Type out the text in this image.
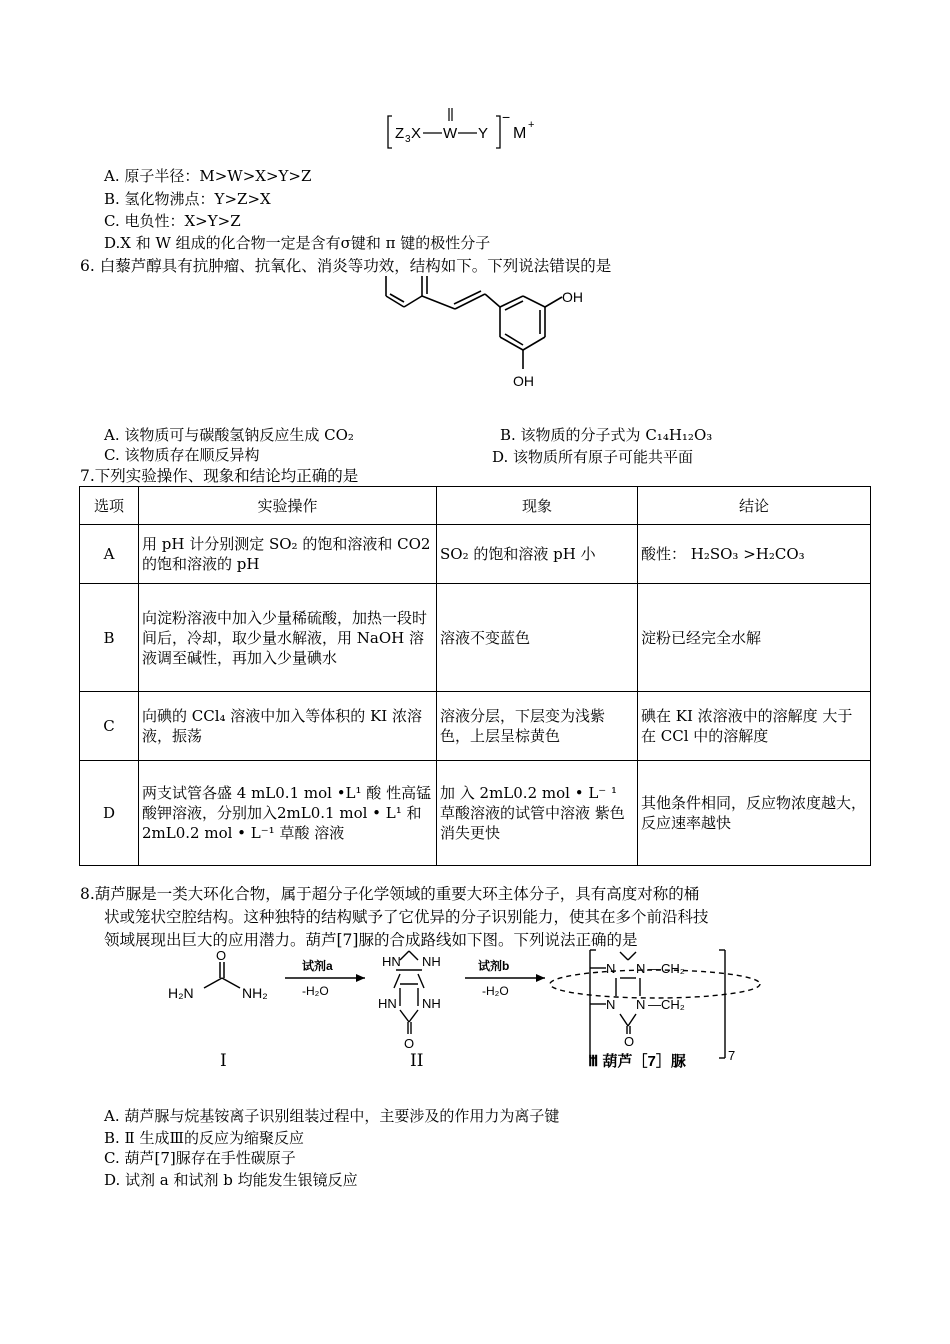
Z 3 X W Y
−
M +
A. 原子半径：M>W>X>Y>Z
B. 氢化物沸点：Y>Z>X
C. 电负性：X>Y>Z
D.X 和 W 组成的化合物一定是含有σ键和 π 键的极性分子
6. 白藜芦醇具有抗肿瘤、抗氧化、消炎等功效，结构如下。下列说法错误的是
OH
OH
A. 该物质可与碳酸氢钠反应生成 CO₂	B. 该物质的分子式为 C₁₄H₁₂O₃
C. 该物质存在顺反异构	D. 该物质所有原子可能共平面
7.下列实验操作、现象和结论均正确的是
选项	实验操作	现象	结论
A	用 pH 计分别测定 SO₂ 的饱和溶液和 CO2 的饱和溶液的 pH	SO₂ 的饱和溶液 pH 小	酸性： H₂SO₃ >H₂CO₃
B	向淀粉溶液中加入少量稀硫酸，加热一段时间后，冷却，取少量水解液，用 NaOH 溶液调至碱性，再加入少量碘水	溶液不变蓝色	淀粉已经完全水解
C	向碘的 CCl₄ 溶液中加入等体积的 KI 浓溶液，振荡	溶液分层，下层变为浅紫色，上层呈棕黄色	碘在 KI 浓溶液中的溶解度 大于在 CCl 中的溶解度
D	两支试管各盛 4 mL0.1 mol •L¹ 酸 性高锰酸钾溶液，分别加入2mL0.1 mol • L¹ 和 2mL0.2 mol • L⁻¹ 草酸 溶液	加 入 2mL0.2 mol • L⁻ ¹ 草酸溶液的试管中溶液 紫色消失更快	其他条件相同，反应物浓度越大，反应速率越快
8.葫芦脲是一类大环化合物，属于超分子化学领域的重要大环主体分子，具有高度对称的桶
状或笼状空腔结构。这种独特的结构赋予了它优异的分子识别能力，使其在多个前沿科技
领域展现出巨大的应用潜力。葫芦[7]脲的合成路线如下图。下列说法正确的是
O
H₂N	NH₂
试剂a
-H₂O
HN NH
HN NH
O
试剂b
-H₂O
N N
N N
—CH₂
—CH₂
O
7
I	II	Ⅲ 葫芦［7］脲
A. 葫芦脲与烷基铵离子识别组装过程中，主要涉及的作用力为离子键
B. Ⅱ 生成Ⅲ的反应为缩聚反应
C. 葫芦[7]脲存在手性碳原子
D. 试剂 a 和试剂 b 均能发生银镜反应
